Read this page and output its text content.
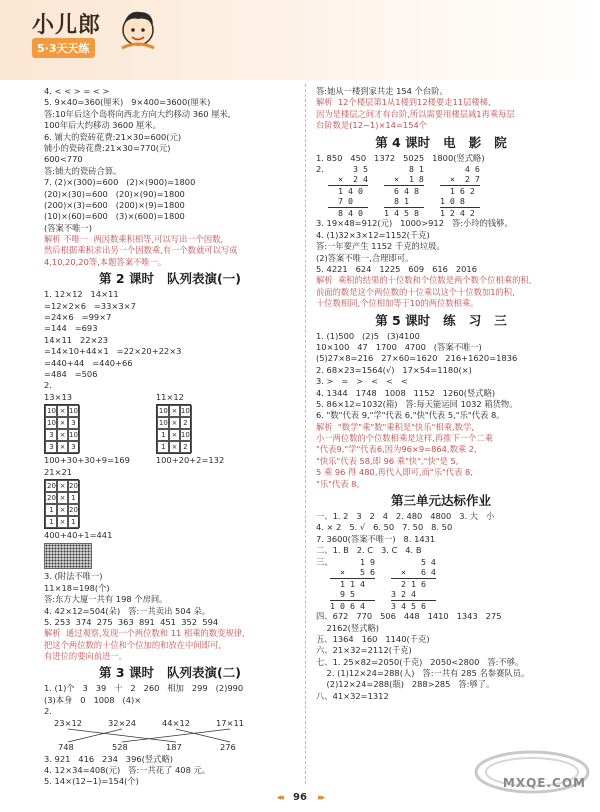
小儿郎
5·3天天练
4. < < > = < >
5. 9×40=360(厘米)   9×400=3600(厘米)
答:10年后这个岛将向西北方向大约移动 360 厘米,
100年后大约移动 3600 厘米。
6. 铺大的瓷砖花费:21×30=600(元)
铺小的瓷砖花费:21×30=770(元)
600<770
答:铺大的瓷砖合算。
7. (2)×(300)=600   (2)×(900)=1800
(20)×(30)=600   (20)×(90)=1800
(200)×(3)=600   (200)×(9)=1800
(10)×(60)=600   (3)×(600)=1800
(答案不唯一)
解析 不唯一  两因数乘积相等,可以写出一个因数,
然后根据乘积求出另一个因数乘,有一个数就可以写成
4,10,20,20等,本题答案不唯一。
第 2 课时   队列表演(一)
1. 12×12   14×11
=12×2×6   =33×3×7
=24×6   =99×7
=144   =693
14×11   22×23
=14×10+44×1   =22×20+22×3
=440+44   =440+66
=484   =506
2.
13×13
10 × 10
10 × 3
3 × 10
3 × 3
100+30+30+9=169
11×12
10 × 10
10 × 2
1 × 10
1 × 2
100+20+2=132
21×21
20 × 20
20 × 1
1 × 20
1 × 1
400+40+1=441
3. (附法不唯一)
11×18=198(个)
答:东方大厦一共有 198 个房间。
4. 42×12=504(朵)   答:一共卖出 504 朵。
5. 253  374  275  363  891  451  352  594
解析  通过观察,发现一个两位数和 11 相乘的数变规律,
把这个两位数的十位和个位加的和放在中间即可,
有进位的要向前进一。
第 3 课时   队列表演(二)
1. (1)个   3   39   十   2   260   相加   299   (2)990
(3)本身   0   1008   (4)×
2.
23×12	32×24	44×12	17×11
748	528	187	276
3. 921   416   234   396(竖式略)
4. 12×34=408(元)   答:一共花了 408 元。
5. 14×(12−1)=154(个)
答:她从一楼到家共走 154 个台阶。
解析  12个楼层第1从1楼到12楼要走11层楼梯,
因为是楼层之间才有台阶,所以需要用楼层减1再乘每层
台阶数是(12−1)×14=154个
第 4 课时   电   影   院
1. 850   450   1372   5025   1800(竖式略)
2. 3 5
×  2 4
1 4 0
7 0
8 4 0
8 1
×  1 8
6 4 8
8 1
1 4 5 8
4 6
×  2 7
1 6 2
1 0 8
1 2 4 2
3. 19×48=912(元)   1000>912   答:小玲的钱够。
4. (1)32×3×12=1152(千克)
答:一年要产生 1152 千克的垃圾。
(2)答案不唯一,合理即可。
5. 4221   624   1225   609   616   2016
解析  乘积的结果的十位数和个位数是两个数个位相乘的积,
前面的数是这个两位数的十位乘以这个十位数加1的积,
十位数相同,个位相加等于10的两位数相乘。
第 5 课时   练   习   三
1. (1)500   (2)5   (3)4100
10×100   47   1700   4700   (答案不唯一)
(5)27×8=216   27×60=1620   216+1620=1836
2. 68×23=1564(√)   17×54=1180(×)
3. >   =   >   <   <   <
4. 1344   1748   1008   1152   1260(竖式略)
5. 86×12=1032(箱)   答:每天能运回 1032 箱货物。
6. "数"代表 9,"学"代表 6,"快"代表 5,"乐"代表 8。
解析  "数学"乘"数"乘积是"快乐"相乘,数学,
小一两位数的个位数相乘是这样,再推下一个二乘
"代表9,"学"代表6,因为96×9=864,数乘 2,
"快乐"代表 58,即 96 乘"快","快"是 5,
5 乘 96 得 480,再代入即可,而"乐"代表 8,
"乐"代表 8。
第三单元达标作业
一、1. 2   3   2   4   2. 480   4800   3. 大   小
4. × 2   5. √   6. 50   7. 50   8. 50
7. 3600(答案不唯一)   8. 1431
二、1. B   2. C   3. C   4. B
三、
1 9
×   5 6
1 1 4
9 5
1 0 6 4
5 4
×   6 4
2 1 6
3 2 4
3 4 5 6
四、672   770   506   448   1410   1343   275
2162(竖式略)
五、1364   160   1140(千克)
六、21×32=2112(千克)
七、1. 25×82=2050(千克)   2050<2800   答:不够。
2. (1)12×24=288(人)   答:一共有 285 名参赛队员。
(2)12×24=288(瓶)   288>285   答:够了。
八、41×32=1312
MXQE.COM
◂◂ 96 ▸▸
